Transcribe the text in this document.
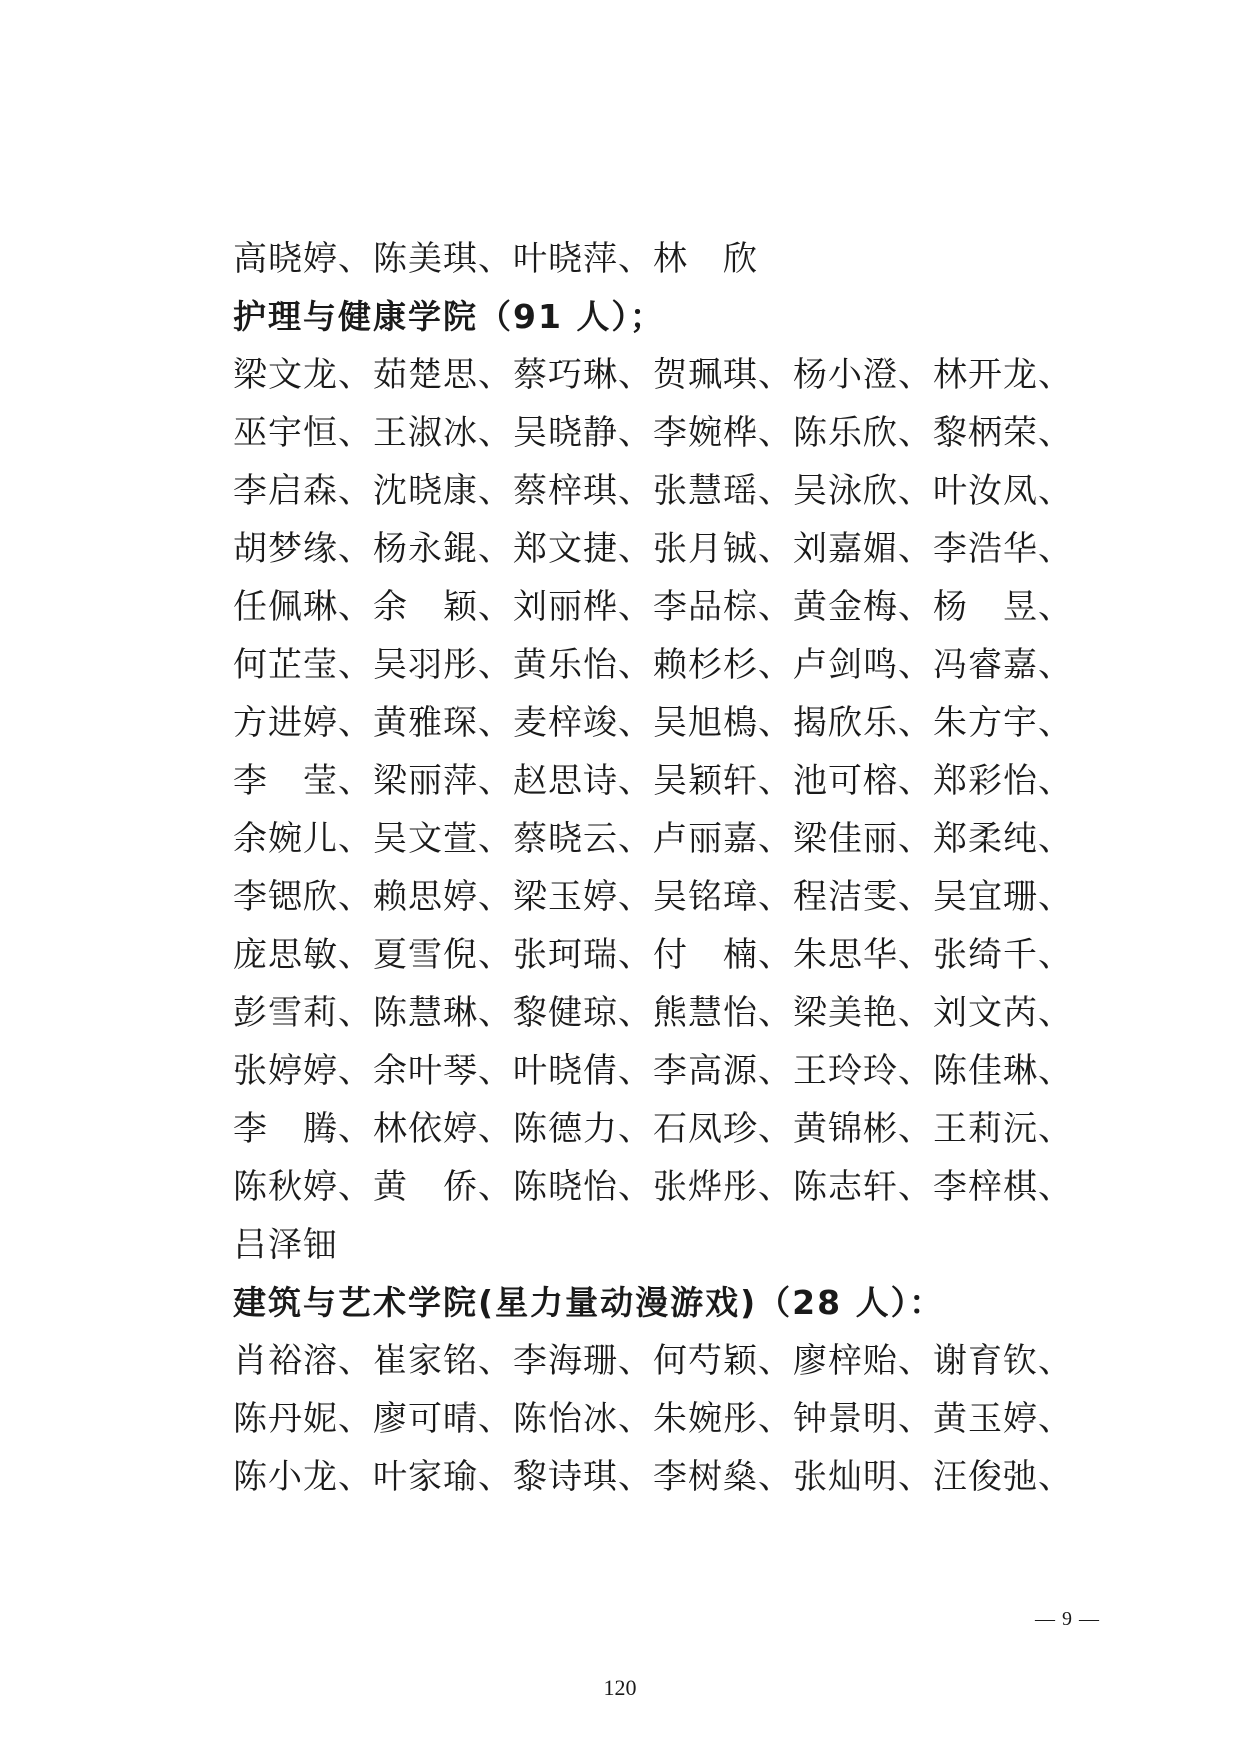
高晓婷、陈美琪、叶晓萍、林　欣
护理与健康学院（91 人）；
梁文龙、茹楚思、蔡巧琳、贺珮琪、杨小澄、林开龙、
巫宇恒、王淑冰、吴晓静、李婉桦、陈乐欣、黎柄荣、
李启森、沈晓康、蔡梓琪、张慧瑶、吴泳欣、叶汝凤、
胡梦缘、杨永錕、郑文捷、张月铖、刘嘉媚、李浩华、
任佩琳、余　颖、刘丽桦、李品棕、黄金梅、杨　昱、
何芷莹、吴羽彤、黄乐怡、赖杉杉、卢剑鸣、冯睿嘉、
方进婷、黄雅琛、麦梓竣、吴旭樢、揭欣乐、朱方宇、
李　莹、梁丽萍、赵思诗、吴颖轩、池可榕、郑彩怡、
余婉儿、吴文萱、蔡晓云、卢丽嘉、梁佳丽、郑柔纯、
李锶欣、赖思婷、梁玉婷、吴铭璋、程洁雯、吴宜珊、
庞思敏、夏雪倪、张珂瑞、付　楠、朱思华、张绮千、
彭雪莉、陈慧琳、黎健琼、熊慧怡、梁美艳、刘文芮、
张婷婷、余叶琴、叶晓倩、李高源、王玲玲、陈佳琳、
李　腾、林依婷、陈德力、石凤珍、黄锦彬、王莉沅、
陈秋婷、黄　侨、陈晓怡、张烨彤、陈志轩、李梓棋、
吕泽钿
建筑与艺术学院(星力量动漫游戏)（28 人）：
肖裕溶、崔家铭、李海珊、何芍颖、廖梓贻、谢育钦、
陈丹妮、廖可晴、陈怡冰、朱婉彤、钟景明、黄玉婷、
陈小龙、叶家瑜、黎诗琪、李树燊、张灿明、汪俊弛、
— 9 —
120
